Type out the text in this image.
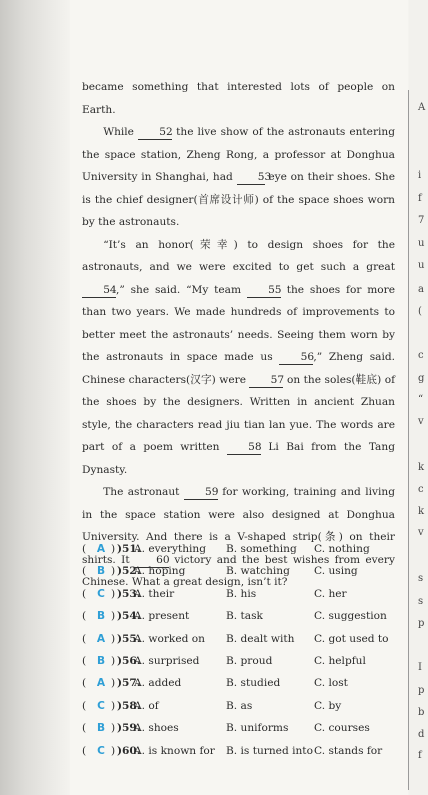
became something that interested lots of people on Earth.

While 52 the live show of the astronauts entering the space station, Zheng Rong, a professor at Donghua University in Shanghai, had 53 eye on their shoes. She is the chief designer(首席设计师) of the space shoes worn by the astronauts.

“It’s an honor(荣幸) to design shoes for the astronauts, and we were excited to get such a great 54,” she said. “My team	55 the shoes for more than two years. We made hundreds of improvements to better meet the astronauts’ needs. Seeing them worn by the astronauts in space made us	56,” Zheng said. Chinese characters(汉字) were 57 on the soles(鞋底) of the shoes by the designers. Written in ancient Zhuan style, the characters read jiu tian lan yue. The words are part of a poem written	58 Li Bai from the Tang Dynasty.

The astronaut 59 for working, training and living in the space station were also designed at Donghua University. And there is a V-shaped strip(条) on their shirts. It	60 victory and the best wishes from every Chinese. What a great design, isn’t it?

( A ) )51.
A. everything B. something C. nothing
( B ) )52.
A. hoping	B. watching C. using
( C ) )53.
A. their	B. his	C. her
( B ) )54.
A. present	B. task	C. suggestion
( A ) )55.
A. worked on B. dealt with C. got used to
( B ) )56.
A. surprised	B. proud	C. helpful
( A ) )57.
A. added	B. studied	C. lost
( C ) )58.
A. of	B. as	C. by
( B ) )59.
A. shoes	B. uniforms C. courses
( C ) )60.
A. is known for B. is turned into C. stands for
A
i
f
7
u
u
a
(
c
g
“
v
k
c
k
v
s
s
p
I
p
b
d
f
